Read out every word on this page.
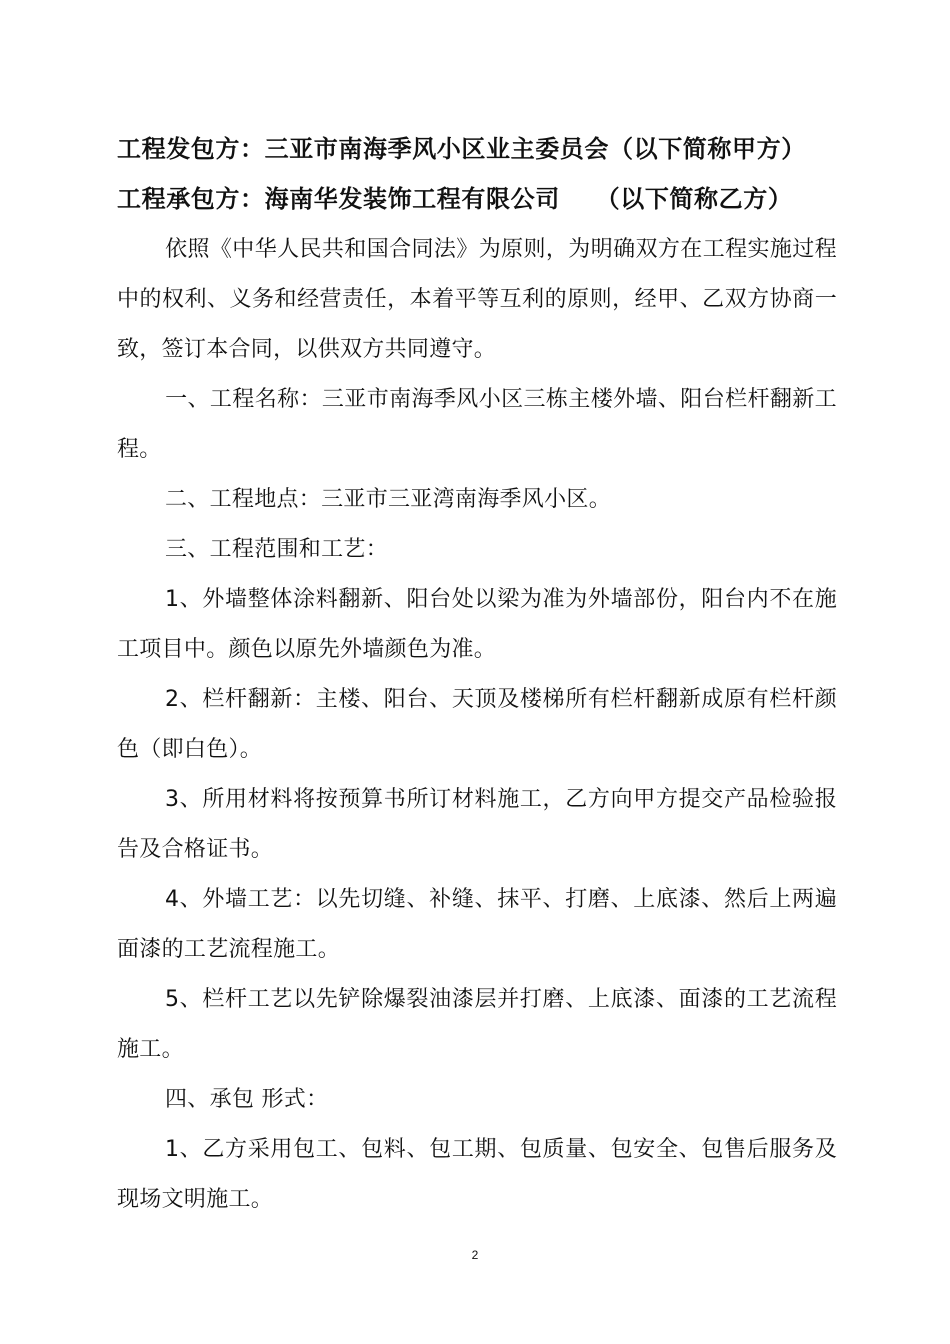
工程发包方：三亚市南海季风小区业主委员会（以下简称甲方）
工程承包方：海南华发装饰工程有限公司    （以下简称乙方）

依照《中华人民共和国合同法》为原则，为明确双方在工程实施过程中的权利、义务和经营责任，本着平等互利的原则，经甲、乙双方协商一致，签订本合同，以供双方共同遵守。

一、工程名称：三亚市南海季风小区三栋主楼外墙、阳台栏杆翻新工程。

二、工程地点：三亚市三亚湾南海季风小区。

三、工程范围和工艺：

1、外墙整体涂料翻新、阳台处以梁为准为外墙部份，阳台内不在施工项目中。颜色以原先外墙颜色为准。

2、栏杆翻新：主楼、阳台、天顶及楼梯所有栏杆翻新成原有栏杆颜色（即白色）。

3、所用材料将按预算书所订材料施工，乙方向甲方提交产品检验报告及合格证书。

4、外墙工艺：以先切缝、补缝、抹平、打磨、上底漆、然后上两遍面漆的工艺流程施工。

5、栏杆工艺以先铲除爆裂油漆层并打磨、上底漆、面漆的工艺流程施工。

四、承包 形式：

1、乙方采用包工、包料、包工期、包质量、包安全、包售后服务及现场文明施工。

2
